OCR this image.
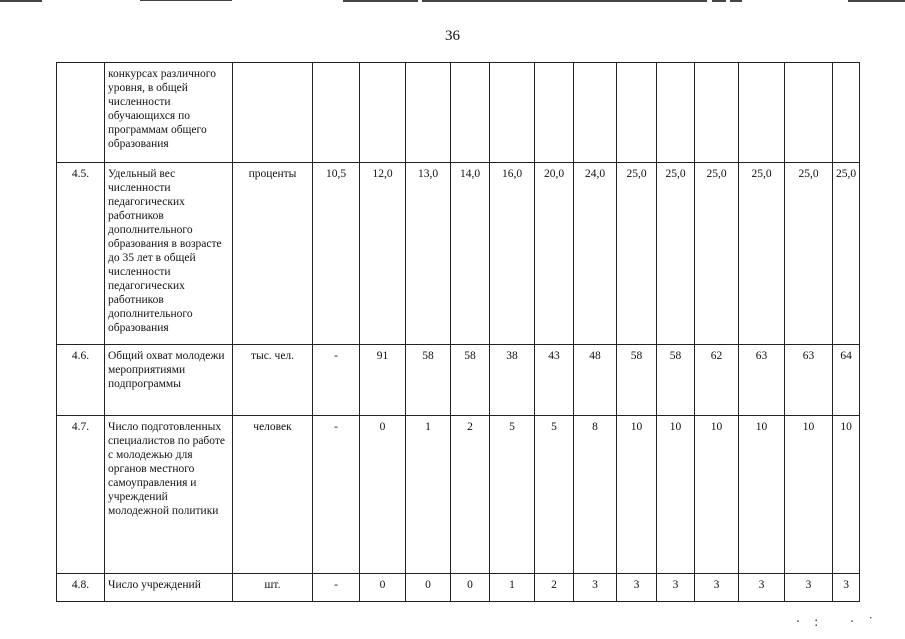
36
	конкурсах различного уровня, в общей численности обучающихся по программам общего образования														
4.5.	Удельный вес численности педагогических работников дополнительного образования в возрасте до 35 лет в общей численности педагогических работников дополнительного образования	проценты	10,5	12,0	13,0	14,0	16,0	20,0	24,0	25,0	25,0	25,0	25,0	25,0	25,0
4.6.	Общий охват молодежи мероприятиями подпрограммы	тыс. чел.	-	91	58	58	38	43	48	58	58	62	63	63	64
4.7.	Число подготовленных специалистов по работе с молодежью для органов местного самоуправления и учреждений молодежной политики	человек	-	0	1	2	5	5	8	10	10	10	10	10	10
4.8.	Число учреждений	шт.	-	0	0	0	1	2	3	3	3	3	3	3	3
·: ·˙
